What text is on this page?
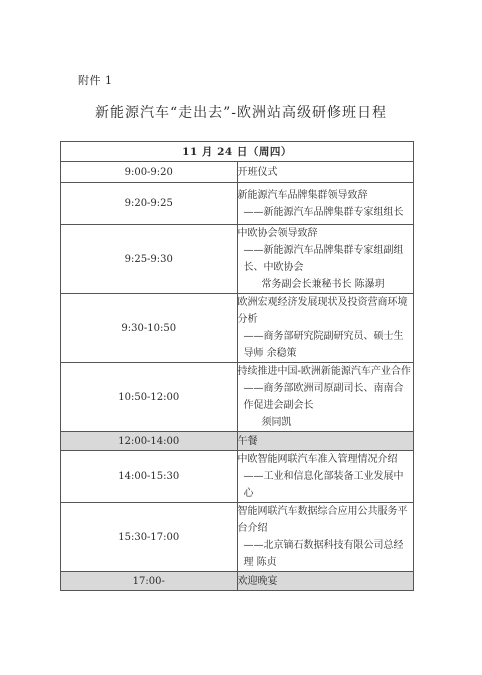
附件 1
新能源汽车“走出去”-欧洲站高级研修班日程
11 月 24 日（周四）	
9:00-9:20	开班仪式
9:20-9:25	新能源汽车品牌集群领导致辞
——新能源汽车品牌集群专家组组长

9:25-9:30	中欧协会领导致辞
——新能源汽车品牌集群专家组副组长、中欧协会
常务副会长兼秘书长 陈瀑玥

9:30-10:50	欧洲宏观经济发展现状及投资营商环境分析
——商务部研究院副研究员、硕士生导师 余稳策

10:50-12:00	持续推进中国-欧洲新能源汽车产业合作
——商务部欧洲司原副司长、南南合作促进会副会长
须同凯

12:00-14:00	午餐
14:00-15:30	中欧智能网联汽车准入管理情况介绍
——工业和信息化部装备工业发展中心

15:30-17:00	智能网联汽车数据综合应用公共服务平台介绍
——北京镝石数据科技有限公司总经理 陈贞

17:00-	欢迎晚宴
